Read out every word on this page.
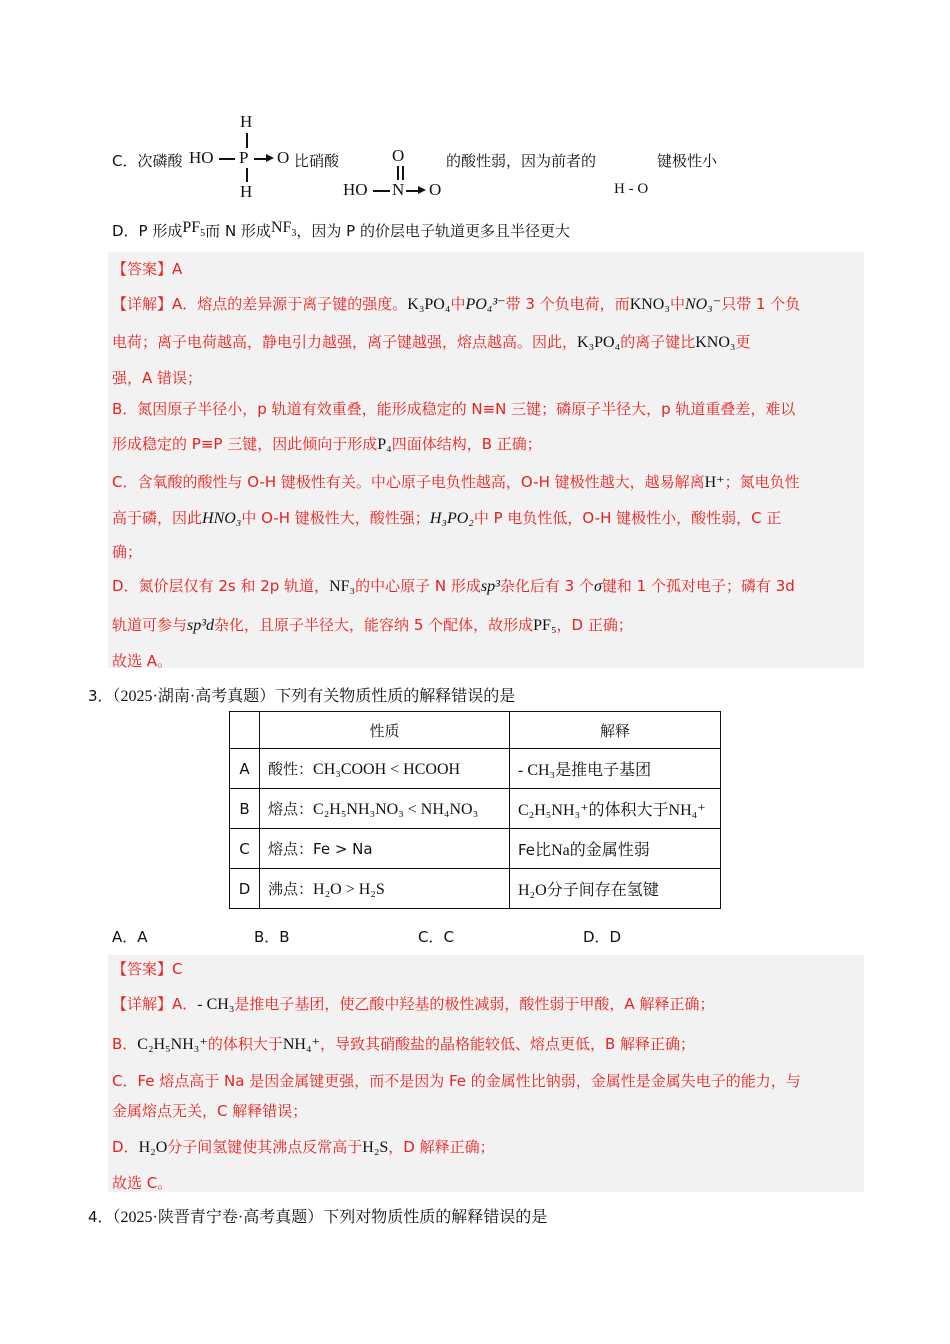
C．次磷酸
H
HO P O
H
比硝酸	O
HO N O
的酸性弱，因为前者的
H - O
键极性小
D．P 形成$PF_5$而 N 形成$NF_3$，因为 P 的价层电子轨道更多且半径更大
【答案】A
【详解】A．熔点的差异源于离子键的强度。K₃PO₄中PO₄³⁻带 3 个负电荷，而KNO₃中NO₃⁻只带 1 个负
电荷；离子电荷越高，静电引力越强，离子键越强，熔点越高。因此，K₃PO₄的离子键比KNO₃更
强，A 错误；
B．氮因原子半径小，p 轨道有效重叠，能形成稳定的 N≡N 三键；磷原子半径大，p 轨道重叠差，难以
形成稳定的 P≡P 三键，因此倾向于形成P₄四面体结构，B 正确；
C．含氧酸的酸性与 O-H 键极性有关。中心原子电负性越高，O-H 键极性越大，越易解离H⁺；氮电负性
高于磷，因此HNO₃中 O-H 键极性大，酸性强；H₃PO₂中 P 电负性低，O-H 键极性小，酸性弱，C 正
确；
D．氮价层仅有 2s 和 2p 轨道，NF₃的中心原子 N 形成sp³杂化后有 3 个σ键和 1 个孤对电子；磷有 3d
轨道可参与sp³d杂化，且原子半径大，能容纳 5 个配体，故形成PF₅，D 正确；
故选 A。
3．（2025·湖南·高考真题）下列有关物质性质的解释错误的是
	性质	解释
A	酸性：CH₃COOH < HCOOH	- CH₃是推电子基团
B	熔点：C₂H₅NH₃NO₃ < NH₄NO₃	C₂H₅NH₃⁺的体积大于NH₄⁺
C	熔点：Fe > Na	Fe比Na的金属性弱
D	沸点：H₂O > H₂S	H₂O分子间存在氢键
A．A	B．B	C．C	D．D
【答案】C
【详解】A．- CH₃是推电子基团，使乙酸中羟基的极性减弱，酸性弱于甲酸，A 解释正确；
B．C₂H₅NH₃⁺的体积大于NH₄⁺，导致其硝酸盐的晶格能较低、熔点更低，B 解释正确；
C．Fe 熔点高于 Na 是因金属键更强，而不是因为 Fe 的金属性比钠弱，金属性是金属失电子的能力，与
金属熔点无关，C 解释错误；
D．H₂O分子间氢键使其沸点反常高于H₂S，D 解释正确；
故选 C。
4．（2025·陕晋青宁卷·高考真题）下列对物质性质的解释错误的是
